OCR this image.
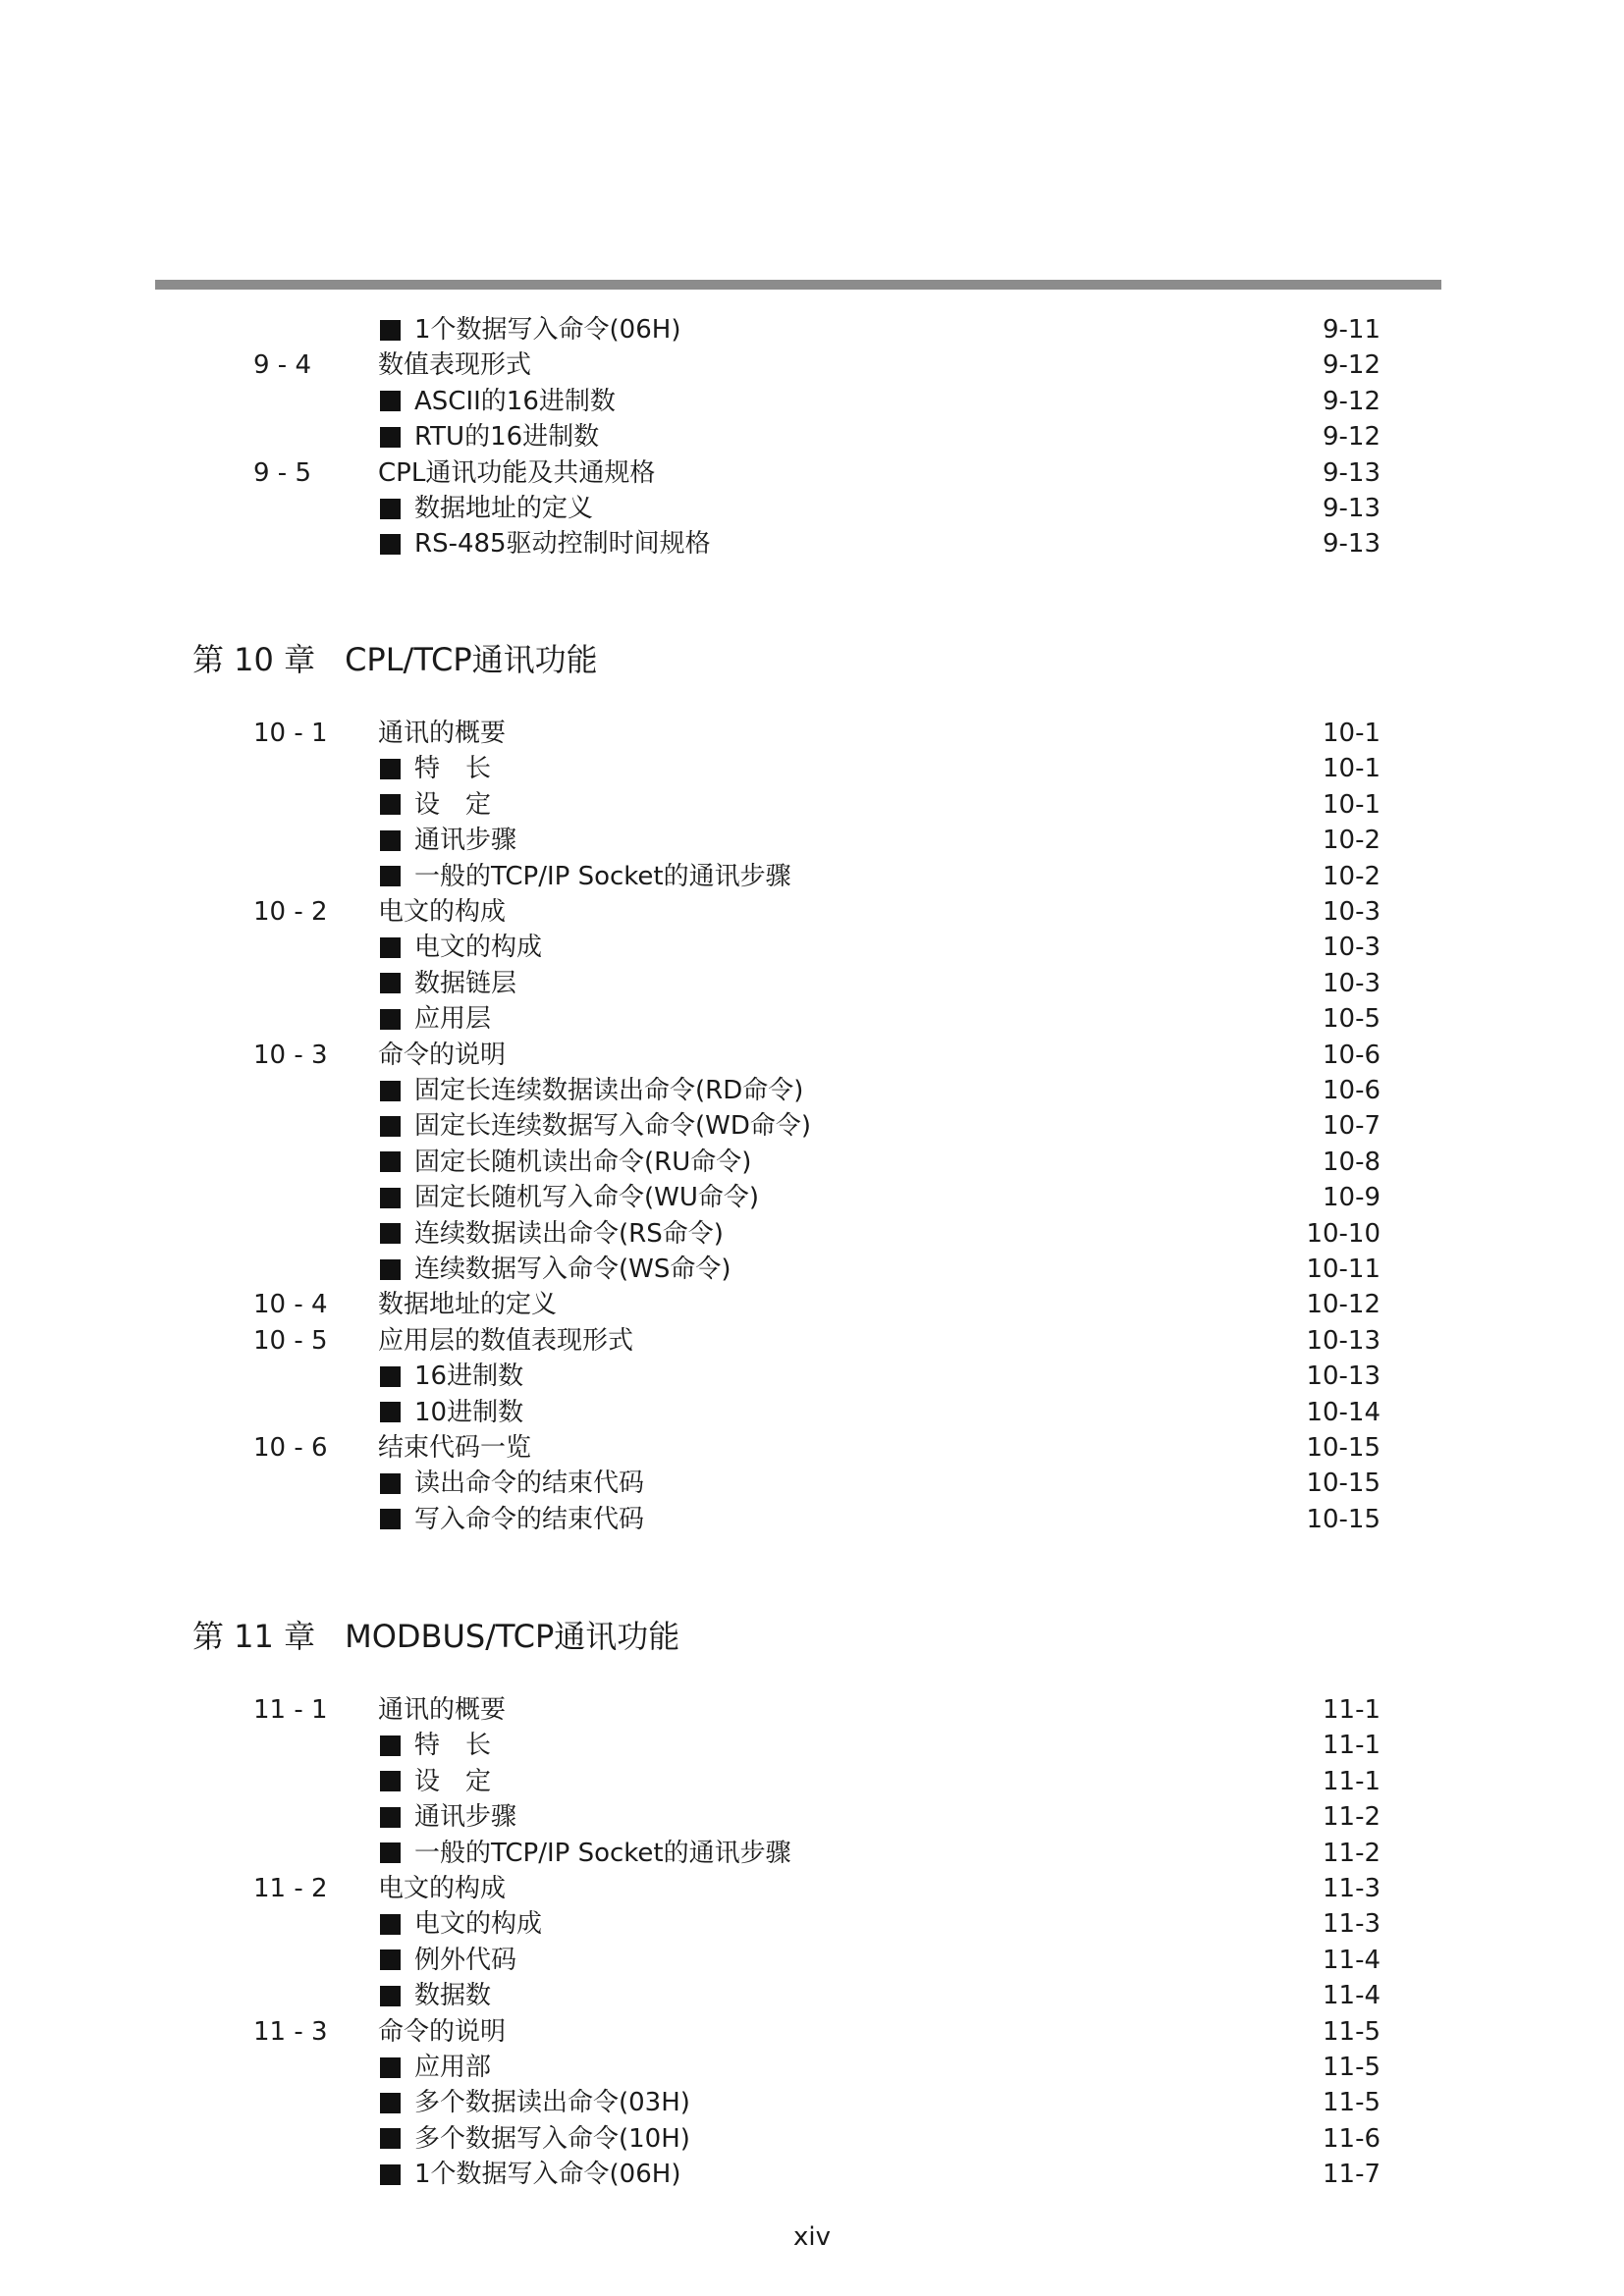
1个数据写入命令(06H)	9-11
9 - 4	数值表现形式	9-12
ASCII的16进制数	9-12
RTU的16进制数	9-12
9 - 5	CPL通讯功能及共通规格	9-13
数据地址的定义	9-13
RS-485驱动控制时间规格	9-13
第 10 章 CPL/TCP通讯功能
10 - 1 通讯的概要	10-1
特　长	10-1
设　定	10-1
通讯步骤	10-2
一般的TCP/IP Socket的通讯步骤	10-2
10 - 2 电文的构成	10-3
电文的构成	10-3
数据链层	10-3
应用层	10-5
10 - 3 命令的说明	10-6
固定长连续数据读出命令(RD命令)	10-6
固定长连续数据写入命令(WD命令)	10-7
固定长随机读出命令(RU命令)	10-8
固定长随机写入命令(WU命令)	10-9
连续数据读出命令(RS命令)	10-10
连续数据写入命令(WS命令)	10-11
10 - 4 数据地址的定义	10-12
10 - 5 应用层的数值表现形式	10-13
16进制数	10-13
10进制数	10-14
10 - 6 结束代码一览	10-15
读出命令的结束代码	10-15
写入命令的结束代码	10-15
第 11 章 MODBUS/TCP通讯功能
11 - 1 通讯的概要	11-1
特　长	11-1
设　定	11-1
通讯步骤	11-2
一般的TCP/IP Socket的通讯步骤	11-2
11 - 2 电文的构成	11-3
电文的构成	11-3
例外代码	11-4
数据数	11-4
11 - 3 命令的说明	11-5
应用部	11-5
多个数据读出命令(03H)	11-5
多个数据写入命令(10H)	11-6
1个数据写入命令(06H)	11-7
xiv
